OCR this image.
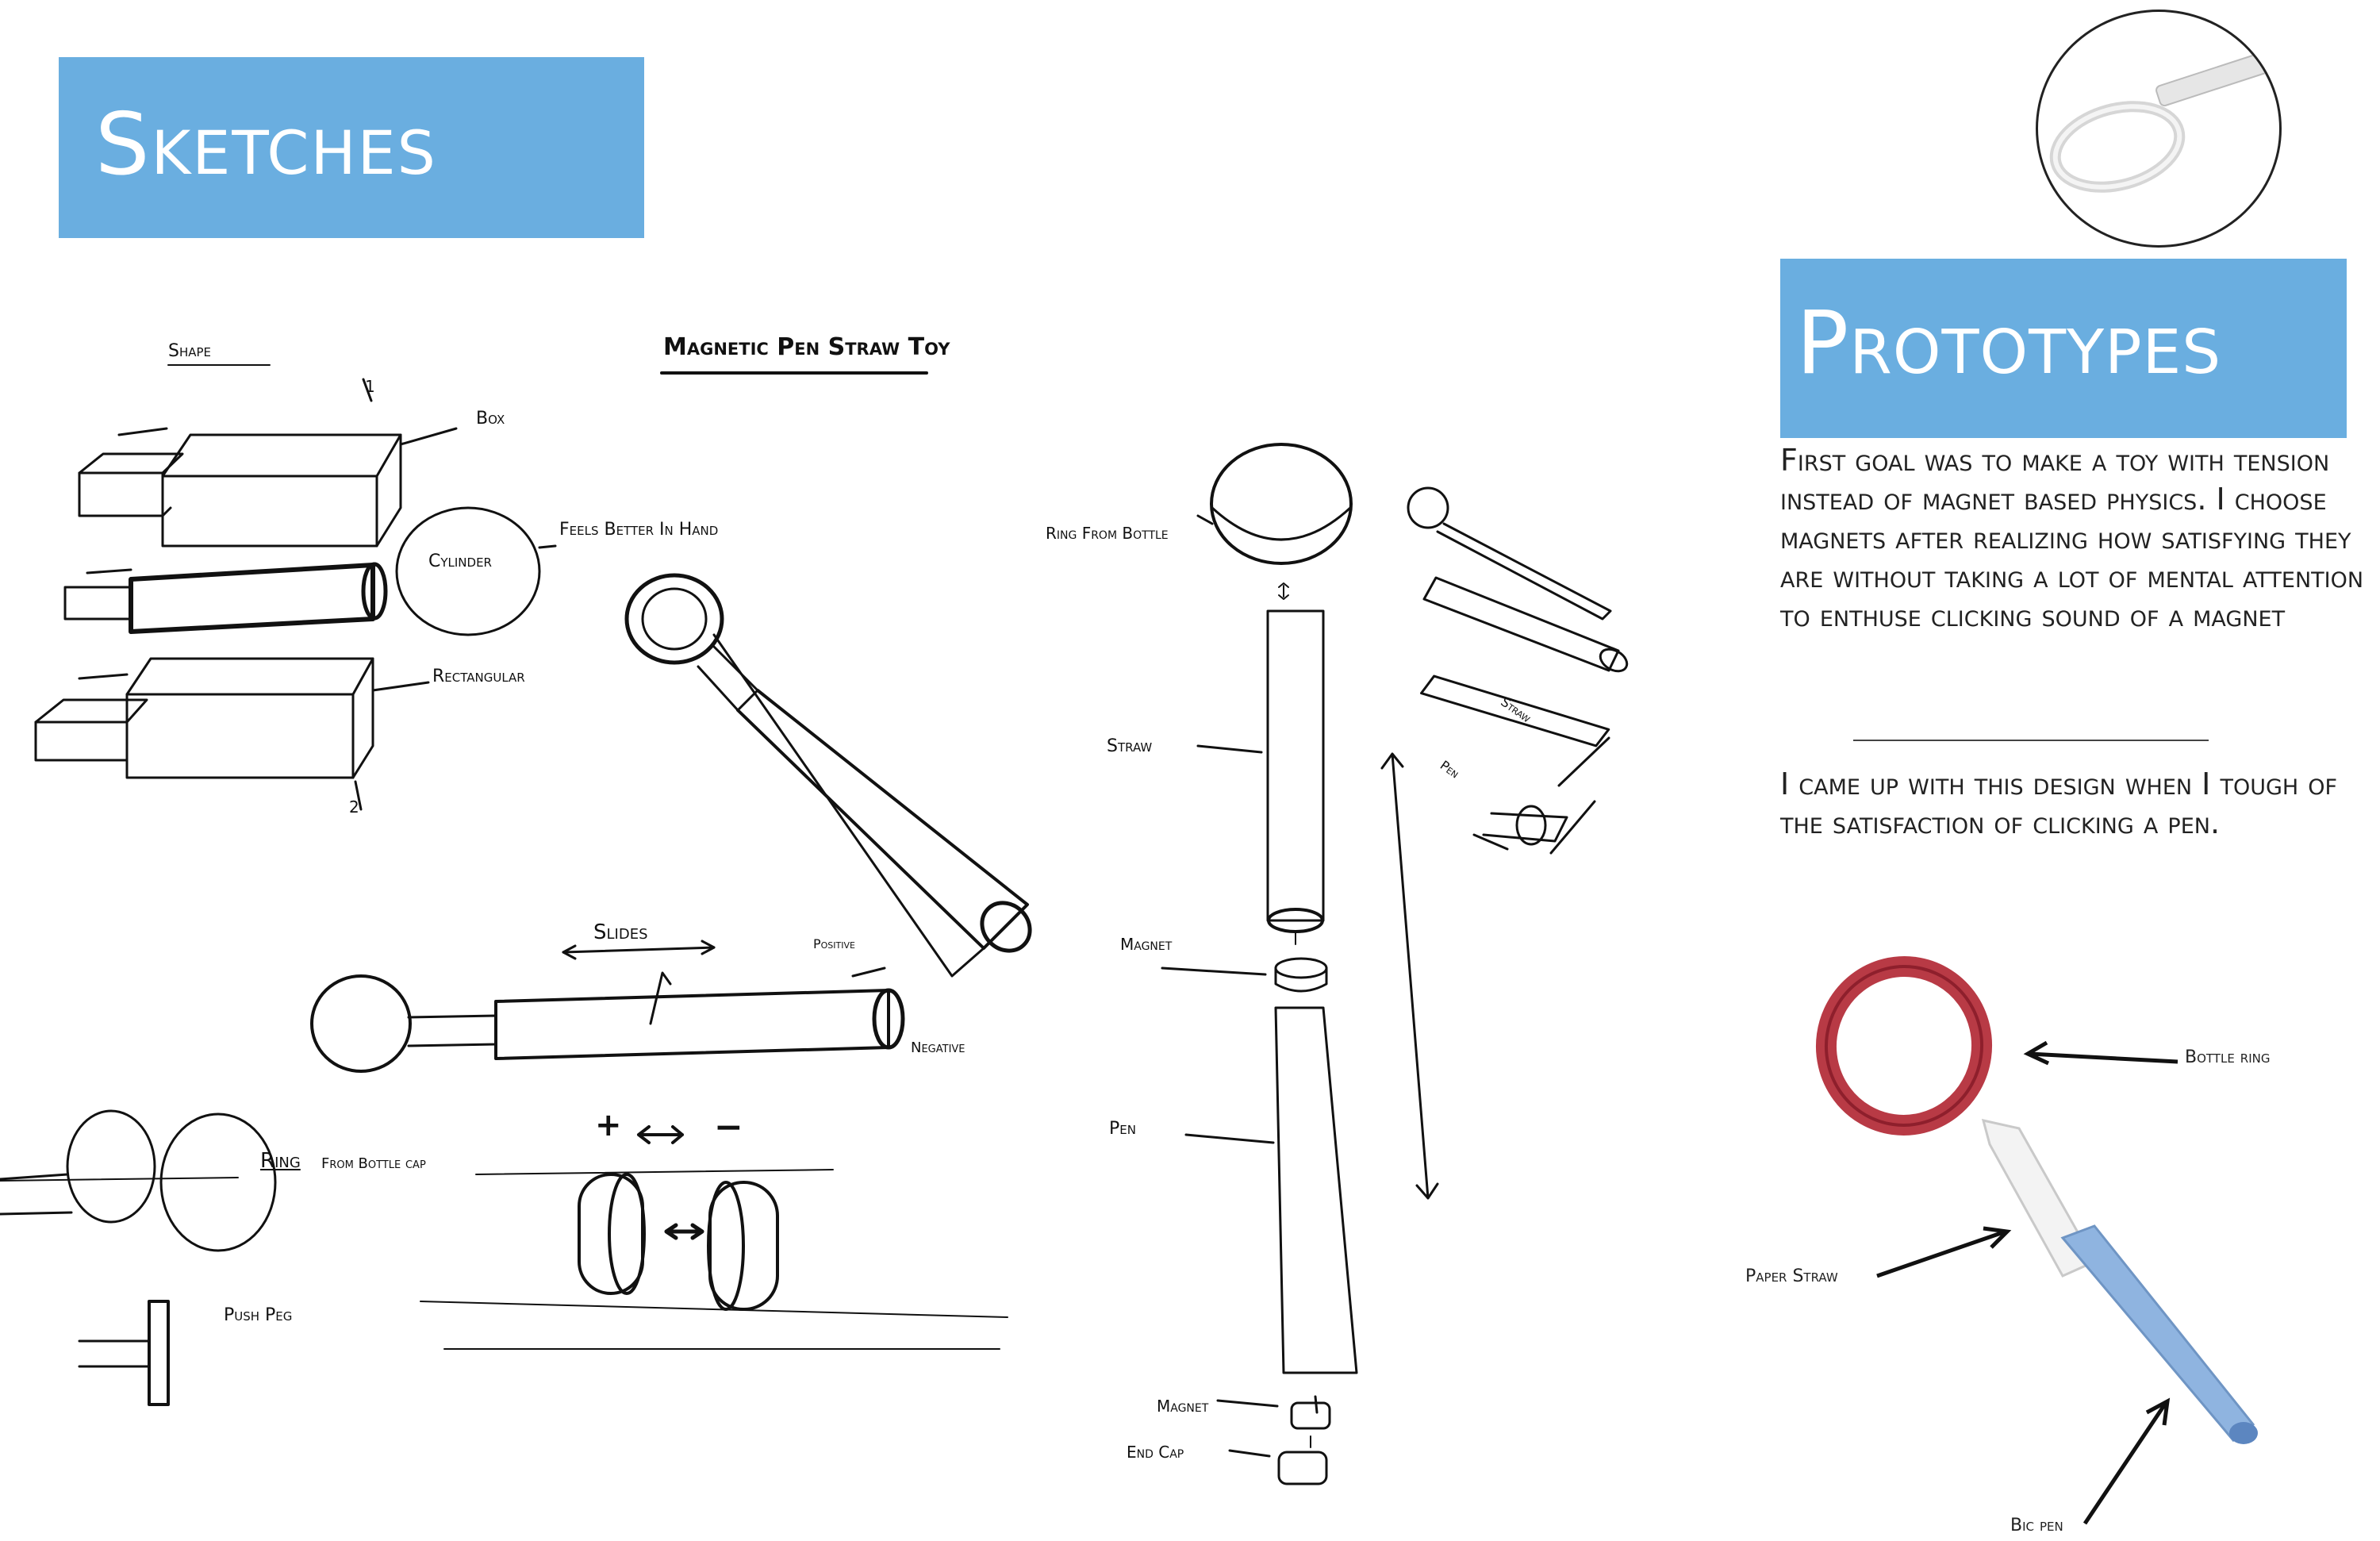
Sketches
Prototypes
First goal was to make a toy with tension instead of magnet based physics. I choose magnets after realizing how satisfying they are without taking a lot of mental attention to enthuse clicking sound of a magnet
I came up with this design when I tough of the satisfaction of clicking a pen.
Magnetic Pen Straw Toy
Shape
Box
Cylinder
Feels Better In Hand
Rectangular
1
2
Slides	Positive
Negative
Ring From Bottle cap
Push Peg
+	−
Ring From Bottle
Straw
Magnet
Pen
Magnet
End Cap
Straw
Pen
Bottle ring
Paper Straw
Bic pen
